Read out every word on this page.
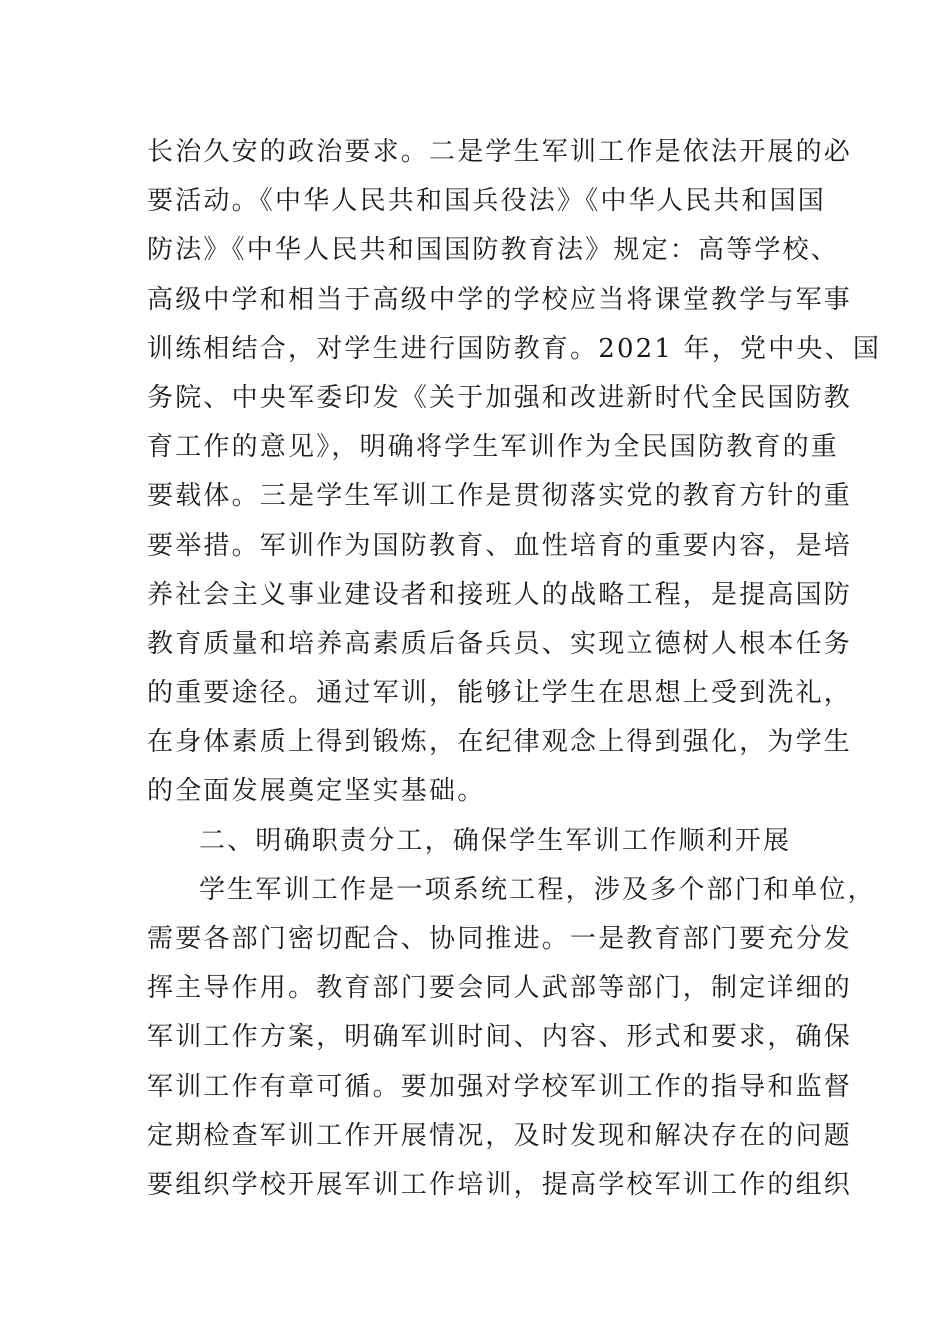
长治久安的政治要求。二是学生军训工作是依法开展的必
要活动。《中华人民共和国兵役法》《中华人民共和国国
防法》《中华人民共和国国防教育法》规定：高等学校、
高级中学和相当于高级中学的学校应当将课堂教学与军事
训练相结合，对学生进行国防教育。2021 年，党中央、国
务院、中央军委印发《关于加强和改进新时代全民国防教
育工作的意见》，明确将学生军训作为全民国防教育的重
要载体。三是学生军训工作是贯彻落实党的教育方针的重
要举措。军训作为国防教育、血性培育的重要内容，是培
养社会主义事业建设者和接班人的战略工程，是提高国防
教育质量和培养高素质后备兵员、实现立德树人根本任务
的重要途径。通过军训，能够让学生在思想上受到洗礼，
在身体素质上得到锻炼，在纪律观念上得到强化，为学生
的全面发展奠定坚实基础。
二、明确职责分工，确保学生军训工作顺利开展
学生军训工作是一项系统工程，涉及多个部门和单位，
需要各部门密切配合、协同推进。一是教育部门要充分发
挥主导作用。教育部门要会同人武部等部门，制定详细的
军训工作方案，明确军训时间、内容、形式和要求，确保
军训工作有章可循。要加强对学校军训工作的指导和监督
定期检查军训工作开展情况，及时发现和解决存在的问题
要组织学校开展军训工作培训，提高学校军训工作的组织
